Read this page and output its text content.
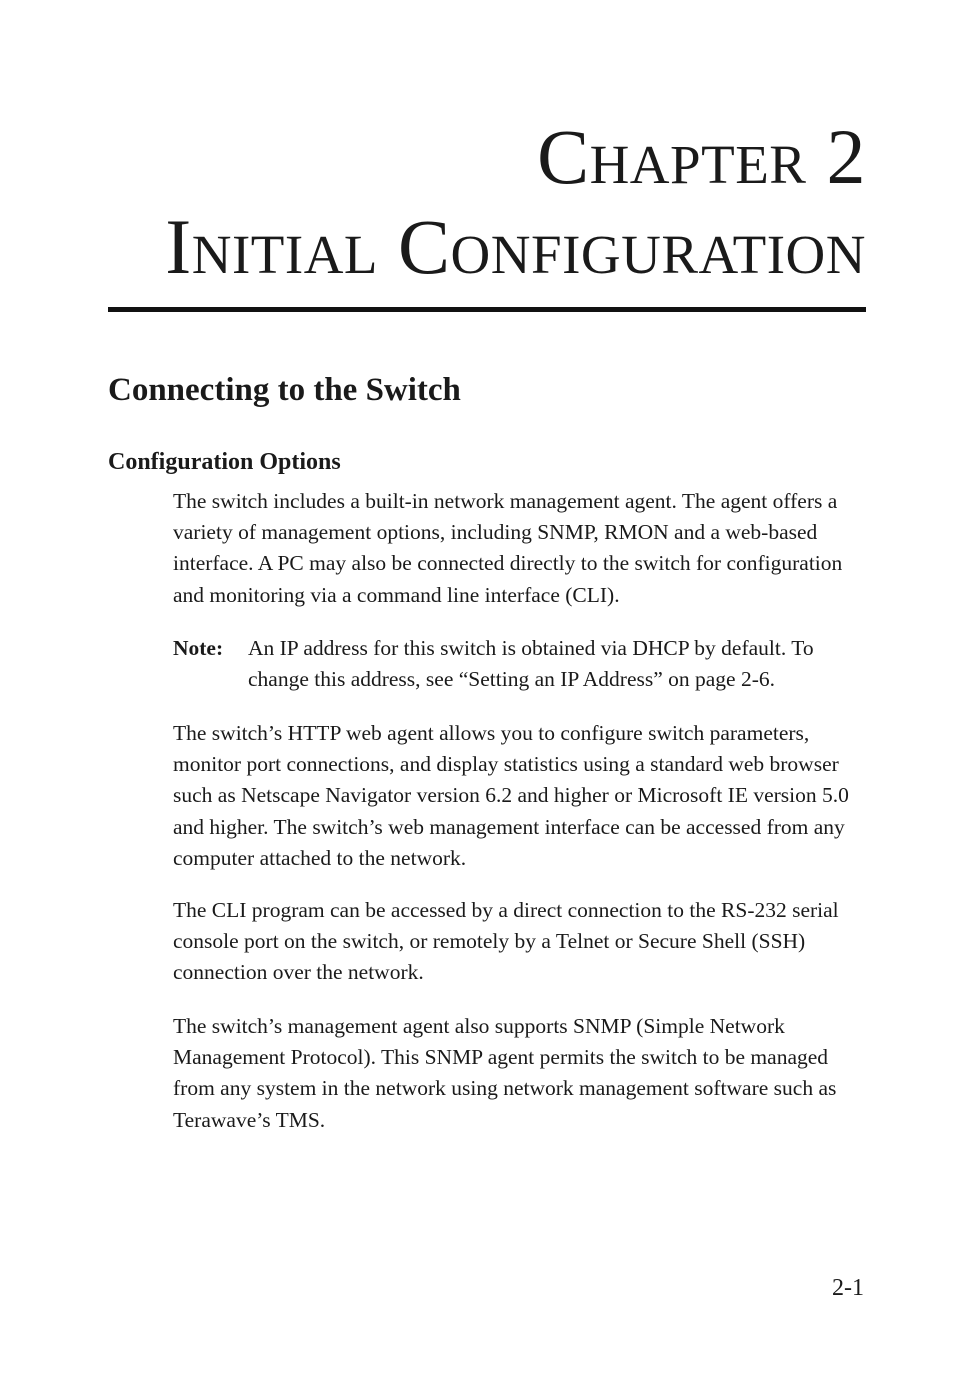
Chapter 2
Initial Configuration
Connecting to the Switch
Configuration Options

The switch includes a built-in network management agent. The agent offers a variety of management options, including SNMP, RMON and a web-based interface. A PC may also be connected directly to the switch for configuration and monitoring via a command line interface (CLI).

Note: An IP address for this switch is obtained via DHCP by default. To change this address, see “Setting an IP Address” on page 2-6.

The switch’s HTTP web agent allows you to configure switch parameters, monitor port connections, and display statistics using a standard web browser such as Netscape Navigator version 6.2 and higher or Microsoft IE version 5.0 and higher. The switch’s web management interface can be accessed from any computer attached to the network.

The CLI program can be accessed by a direct connection to the RS-232 serial console port on the switch, or remotely by a Telnet or Secure Shell (SSH) connection over the network.

The switch’s management agent also supports SNMP (Simple Network Management Protocol). This SNMP agent permits the switch to be managed from any system in the network using network management software such as Terawave’s TMS.

2-1
